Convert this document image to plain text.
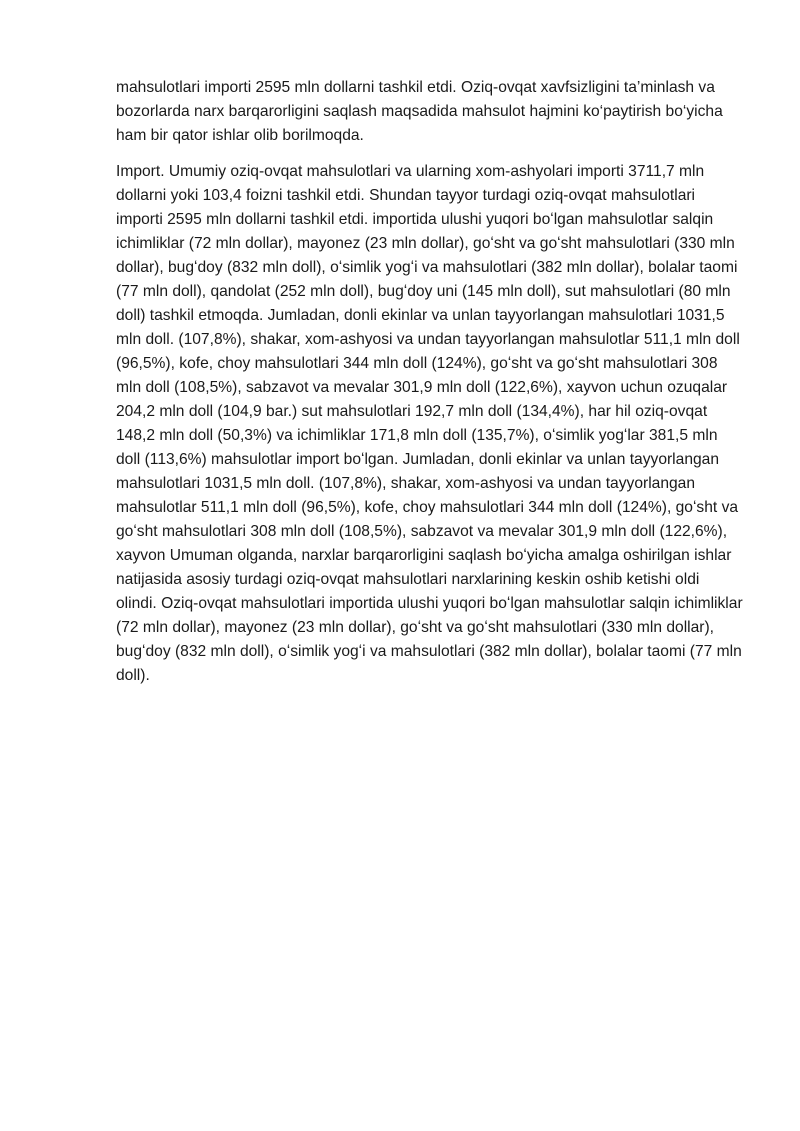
mahsulotlari importi 2595 mln dollarni tashkil etdi. Oziq-ovqat xavfsizligini ta’minlash va bozorlarda narx barqarorligini saqlash maqsadida mahsulot hajmini ko‘paytirish bo‘yicha ham bir qator ishlar olib borilmoqda.

Import. Umumiy oziq-ovqat mahsulotlari va ularning xom-ashyolari importi 3711,7 mln dollarni yoki 103,4 foizni tashkil etdi. Shundan tayyor turdagi oziq-ovqat mahsulotlari importi 2595 mln dollarni tashkil etdi. importida ulushi yuqori boʻlgan mahsulotlar salqin ichimliklar (72 mln dollar), mayonez (23 mln dollar), goʻsht va goʻsht mahsulotlari (330 mln dollar), bugʻdoy (832 mln doll), oʻsimlik yogʻi va mahsulotlari (382 mln dollar), bolalar taomi (77 mln doll), qandolat (252 mln doll), bugʻdoy uni (145 mln doll), sut mahsulotlari (80 mln doll) tashkil etmoqda. Jumladan, donli ekinlar va unlan tayyorlangan mahsulotlari 1031,5 mln doll. (107,8%), shakar, xom-ashyosi va undan tayyorlangan mahsulotlar 511,1 mln doll (96,5%), kofe, choy mahsulotlari 344 mln doll (124%), goʻsht va goʻsht mahsulotlari 308 mln doll (108,5%), sabzavot va mevalar 301,9 mln doll (122,6%), xayvon uchun ozuqalar 204,2 mln doll (104,9 bar.) sut mahsulotlari 192,7 mln doll (134,4%), har hil oziq-ovqat 148,2 mln doll (50,3%) va ichimliklar 171,8 mln doll (135,7%), oʻsimlik yogʻlar 381,5 mln doll (113,6%) mahsulotlar import boʻlgan. Jumladan, donli ekinlar va unlan tayyorlangan mahsulotlari 1031,5 mln doll. (107,8%), shakar, xom-ashyosi va undan tayyorlangan mahsulotlar 511,1 mln doll (96,5%), kofe, choy mahsulotlari 344 mln doll (124%), goʻsht va goʻsht mahsulotlari 308 mln doll (108,5%), sabzavot va mevalar 301,9 mln doll (122,6%), xayvon Umuman olganda, narxlar barqarorligini saqlash boʻyicha amalga oshirilgan ishlar natijasida asosiy turdagi oziq-ovqat mahsulotlari narxlarining keskin oshib ketishi oldi olindi. Oziq-ovqat mahsulotlari importida ulushi yuqori boʻlgan mahsulotlar salqin ichimliklar (72 mln dollar), mayonez (23 mln dollar), goʻsht va goʻsht mahsulotlari (330 mln dollar), bugʻdoy (832 mln doll), oʻsimlik yogʻi va mahsulotlari (382 mln dollar), bolalar taomi (77 mln doll).
